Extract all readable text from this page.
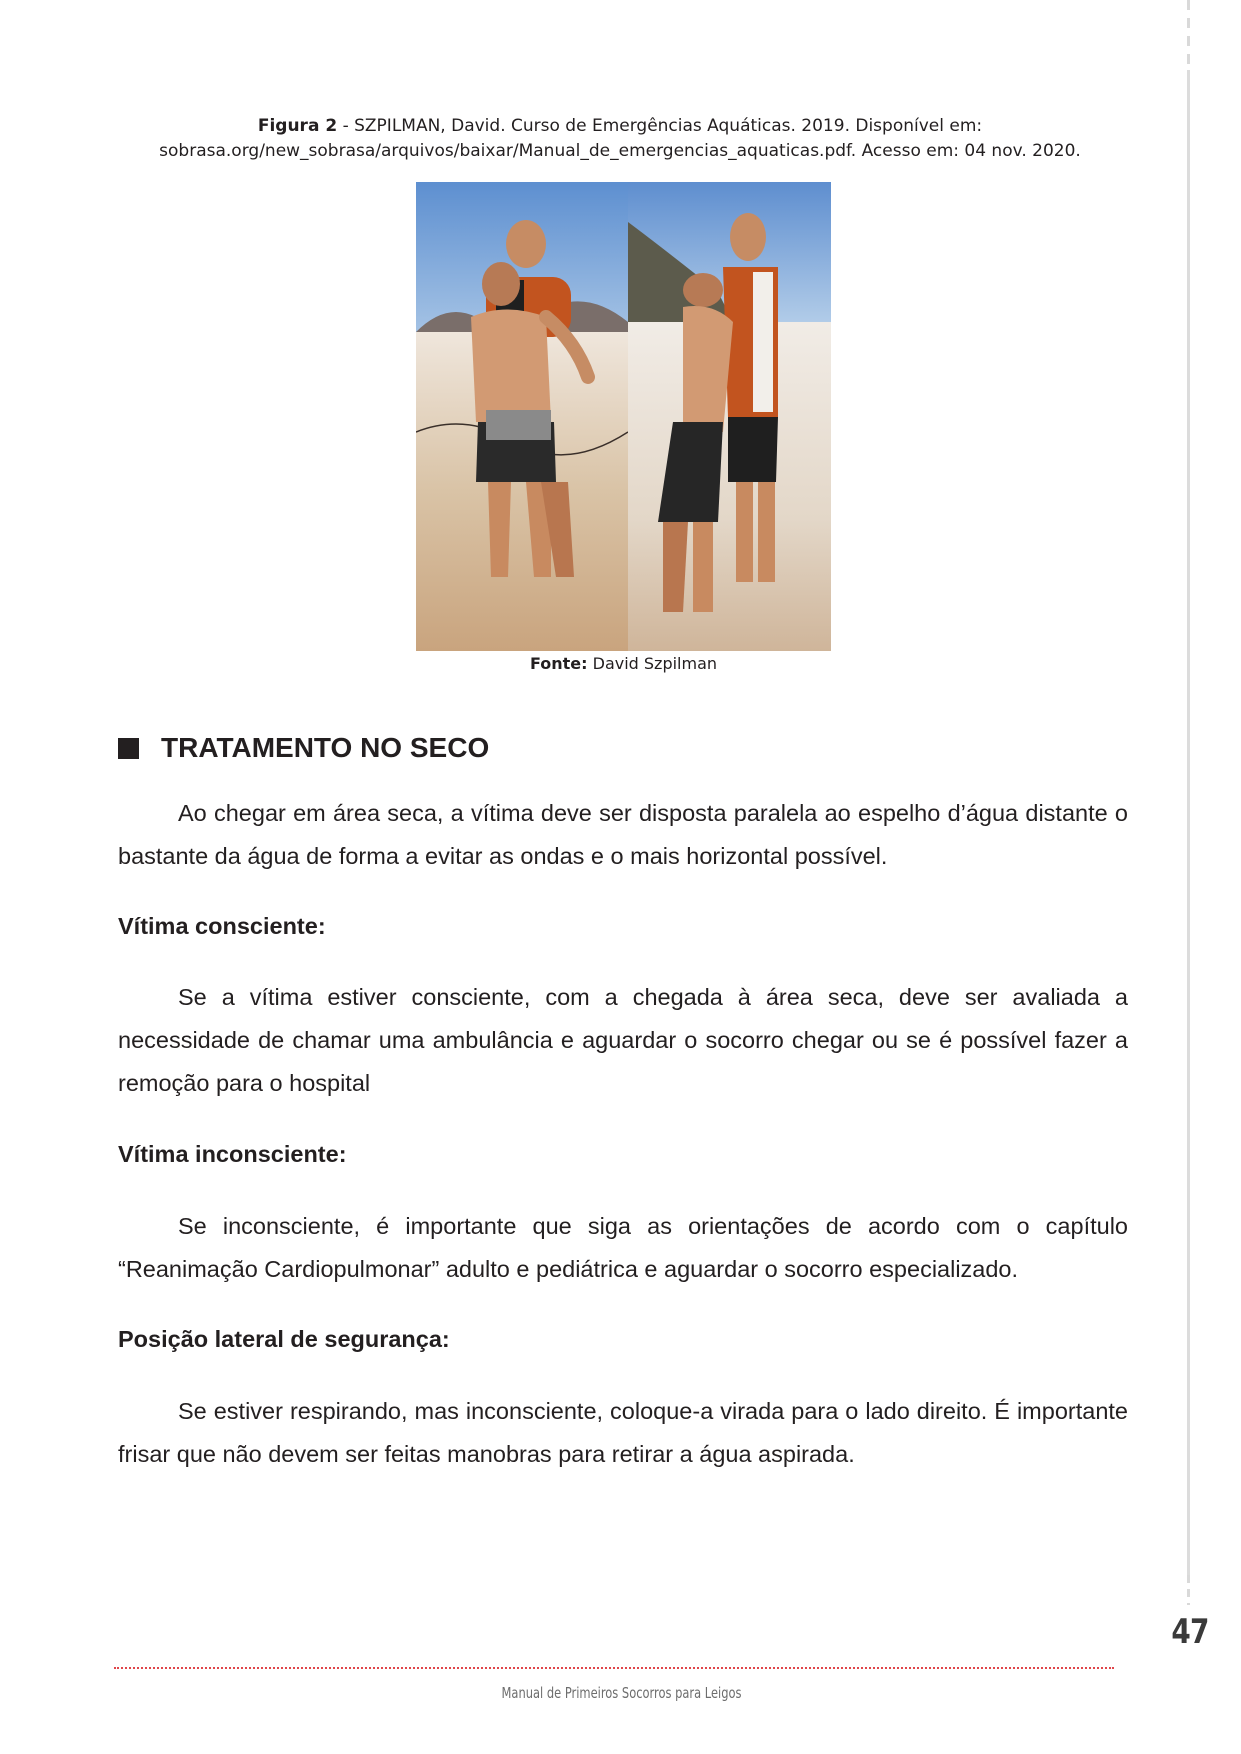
47
Figura 2 - SZPILMAN, David. Curso de Emergências Aquáticas. 2019. Disponível em: sobrasa.org/new_sobrasa/arquivos/baixar/Manual_de_emergencias_aquaticas.pdf. Acesso em: 04 nov. 2020.
Fonte: David Szpilman
TRATAMENTO NO SECO

Ao chegar em área seca, a vítima deve ser disposta paralela ao espelho d’água distante o bastante da água de forma a evitar as ondas e o mais horizontal possível.

Vítima consciente:

Se a vítima estiver consciente, com a chegada à área seca, deve ser avaliada a necessidade de chamar uma ambulância e aguardar o socorro chegar ou se é possível fazer a remoção para o hospital

Vítima inconsciente:

Se inconsciente, é importante que siga as orientações de acordo com o capítulo “Reanimação Cardiopulmonar” adulto e pediátrica e aguardar o socorro especializado.

Posição lateral de segurança:

Se estiver respirando, mas inconsciente, coloque-a virada para o lado direito. É importante frisar que não devem ser feitas manobras para retirar a água aspirada.

Manual de Primeiros Socorros para Leigos
